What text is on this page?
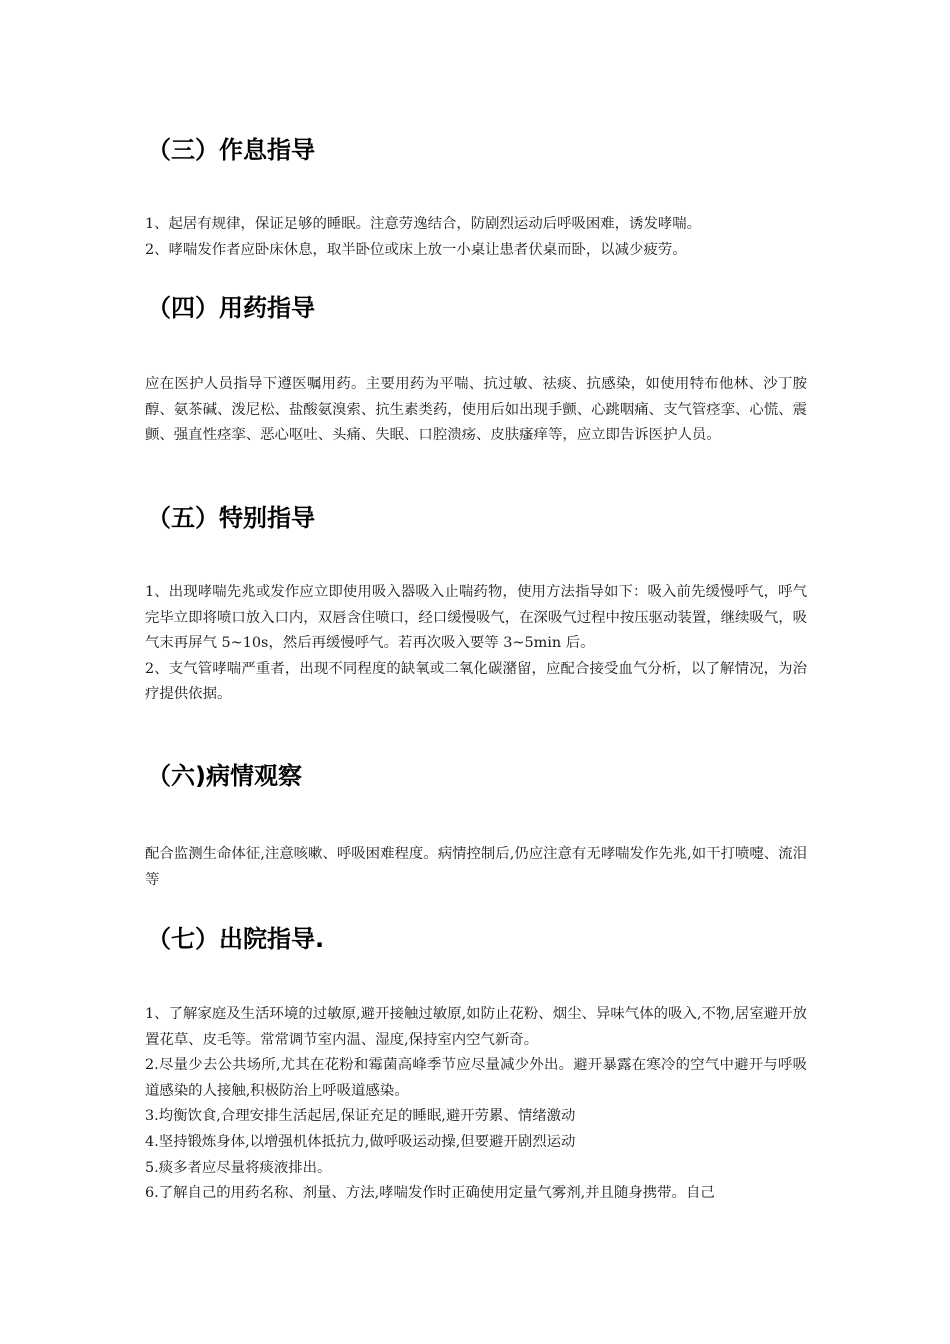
（三）作息指导
1、起居有规律，保证足够的睡眠。注意劳逸结合，防剧烈运动后呼吸困难，诱发哮喘。
2、哮喘发作者应卧床休息，取半卧位或床上放一小桌让患者伏桌而卧，以减少疲劳。
（四）用药指导
应在医护人员指导下遵医嘱用药。主要用药为平喘、抗过敏、祛痰、抗感染，如使用特布他林、沙丁胺醇、氨茶碱、泼尼松、盐酸氨溴索、抗生素类药，使用后如出现手颤、心跳咽痛、支气管痉挛、心慌、震颤、强直性痉挛、恶心呕吐、头痛、失眠、口腔溃疡、皮肤瘙痒等，应立即告诉医护人员。
（五）特别指导
1、出现哮喘先兆或发作应立即使用吸入器吸入止喘药物，使用方法指导如下：吸入前先缓慢呼气，呼气完毕立即将喷口放入口内，双唇含住喷口，经口缓慢吸气，在深吸气过程中按压驱动装置，继续吸气，吸气末再屏气 5~10s，然后再缓慢呼气。若再次吸入要等 3~5min 后。
2、支气管哮喘严重者，出现不同程度的缺氧或二氧化碳潴留，应配合接受血气分析，以了解情况，为治疗提供依据。
（六)病情观察
配合监测生命体征,注意咳嗽、呼吸困难程度。病情控制后,仍应注意有无哮喘发作先兆,如干打喷嚏、流泪等
（七）出院指导.
1、了解家庭及生活环境的过敏原,避开接触过敏原,如防止花粉、烟尘、异味气体的吸入,不物,居室避开放置花草、皮毛等。常常调节室内温、湿度,保持室内空气新奇。
2.尽量少去公共场所,尤其在花粉和霉菌高峰季节应尽量减少外出。避开暴露在寒冷的空气中避开与呼吸道感染的人接触,积极防治上呼吸道感染。
3.均衡饮食,合理安排生活起居,保证充足的睡眠,避开劳累、情绪激动
4.坚持锻炼身体,以增强机体抵抗力,做呼吸运动操,但要避开剧烈运动
5.痰多者应尽量将痰液排出。
6.了解自己的用药名称、剂量、方法,哮喘发作时正确使用定量气雾剂,并且随身携带。自己
